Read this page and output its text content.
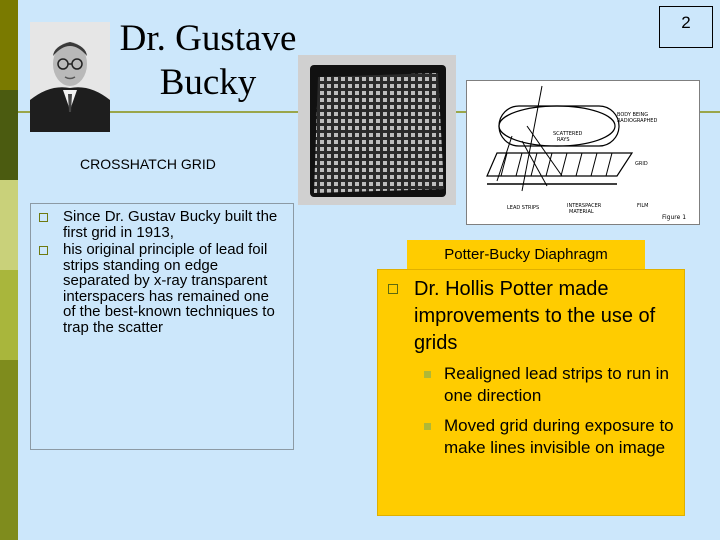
2
Dr. Gustave
Bucky
CROSSHATCH GRID
BODY BEING
RADIOGRAPHED
SCATTERED
RAYS
GRID
LEAD STRIPS	INTERSPACER
MATERIAL
FILM
Figure 1
Since Dr. Gustav Bucky built the first grid in 1913,
his original principle of lead foil strips standing on edge separated by x-ray transparent interspacers has remained one of the best-known techniques to trap the scatter
Potter-Bucky Diaphragm
Dr. Hollis Potter made improvements to the use of grids
Realigned lead strips to run in one direction
Moved grid during exposure to make lines invisible on image
